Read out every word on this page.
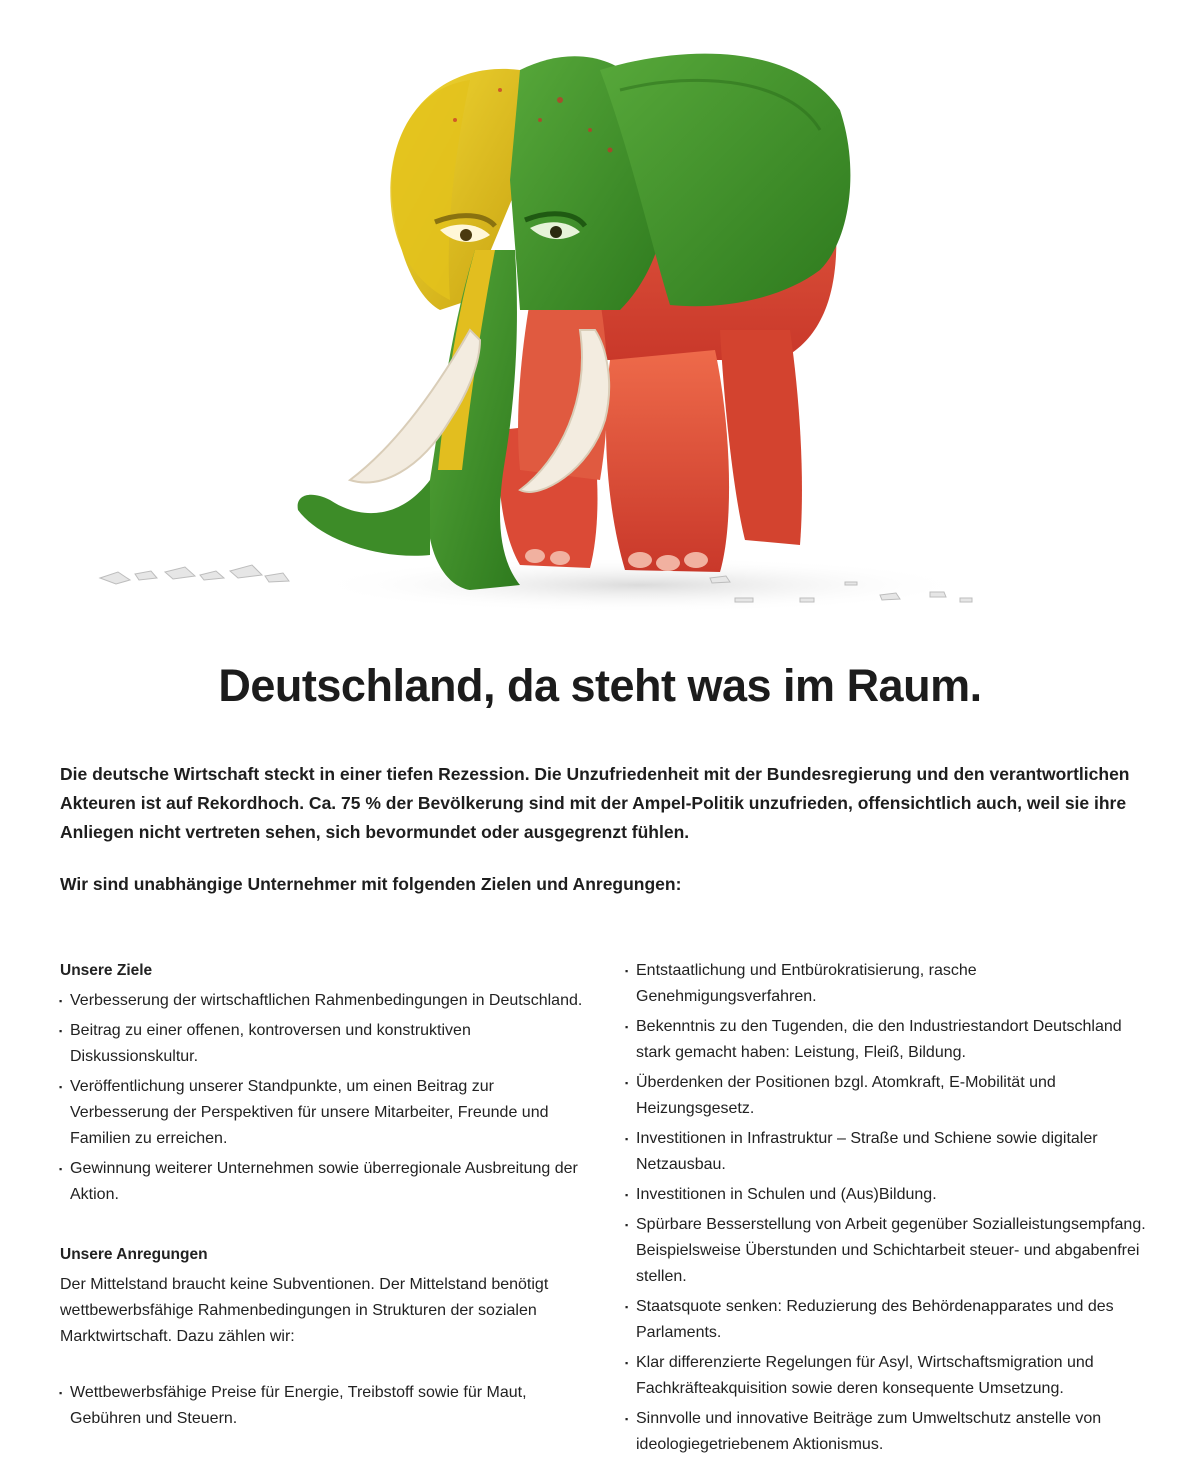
Deutschland, da steht was im Raum.

Die deutsche Wirtschaft steckt in einer tiefen Rezession. Die Unzufriedenheit mit der Bundesregierung und den verantwortlichen Akteuren ist auf Rekordhoch. Ca. 75 % der Bevölkerung sind mit der Ampel-Politik unzufrieden, offensichtlich auch, weil sie ihre Anliegen nicht vertreten sehen, sich bevormundet oder ausgegrenzt fühlen.

Wir sind unabhängige Unternehmer mit folgenden Zielen und Anregungen:

Unsere Ziele
▪ Verbesserung der wirtschaftlichen Rahmenbedingungen in Deutschland.
▪ Beitrag zu einer offenen, kontroversen und konstruktiven Diskussionskultur.
▪ Veröffentlichung unserer Standpunkte, um einen Beitrag zur Verbesserung der Perspektiven für unsere Mitarbeiter, Freunde und Familien zu erreichen.
▪ Gewinnung weiterer Unternehmen sowie überregionale Ausbreitung der Aktion.
Unsere Anregungen

Der Mittelstand braucht keine Subventionen. Der Mittelstand benötigt wettbewerbsfähige Rahmenbedingungen in Strukturen der sozialen Marktwirtschaft. Dazu zählen wir:

▪ Wettbewerbsfähige Preise für Energie, Treibstoff sowie für Maut, Gebühren und Steuern.
▪ Entstaatlichung und Entbürokratisierung, rasche Genehmigungsverfahren.
▪ Bekenntnis zu den Tugenden, die den Industriestandort Deutschland stark gemacht haben: Leistung, Fleiß, Bildung.
▪ Überdenken der Positionen bzgl. Atomkraft, E-Mobilität und Heizungsgesetz.
▪ Investitionen in Infrastruktur – Straße und Schiene sowie digitaler Netzausbau.
▪ Investitionen in Schulen und (Aus)Bildung.
▪ Spürbare Besserstellung von Arbeit gegenüber Sozialleistungsempfang. Beispielsweise Überstunden und Schichtarbeit steuer- und abgabenfrei stellen.
▪ Staatsquote senken: Reduzierung des Behördenapparates und des Parlaments.
▪ Klar differenzierte Regelungen für Asyl, Wirtschaftsmigration und Fachkräfteakquisition sowie deren konsequente Umsetzung.
▪ Sinnvolle und innovative Beiträge zum Umweltschutz anstelle von ideologiegetriebenem Aktionismus.
